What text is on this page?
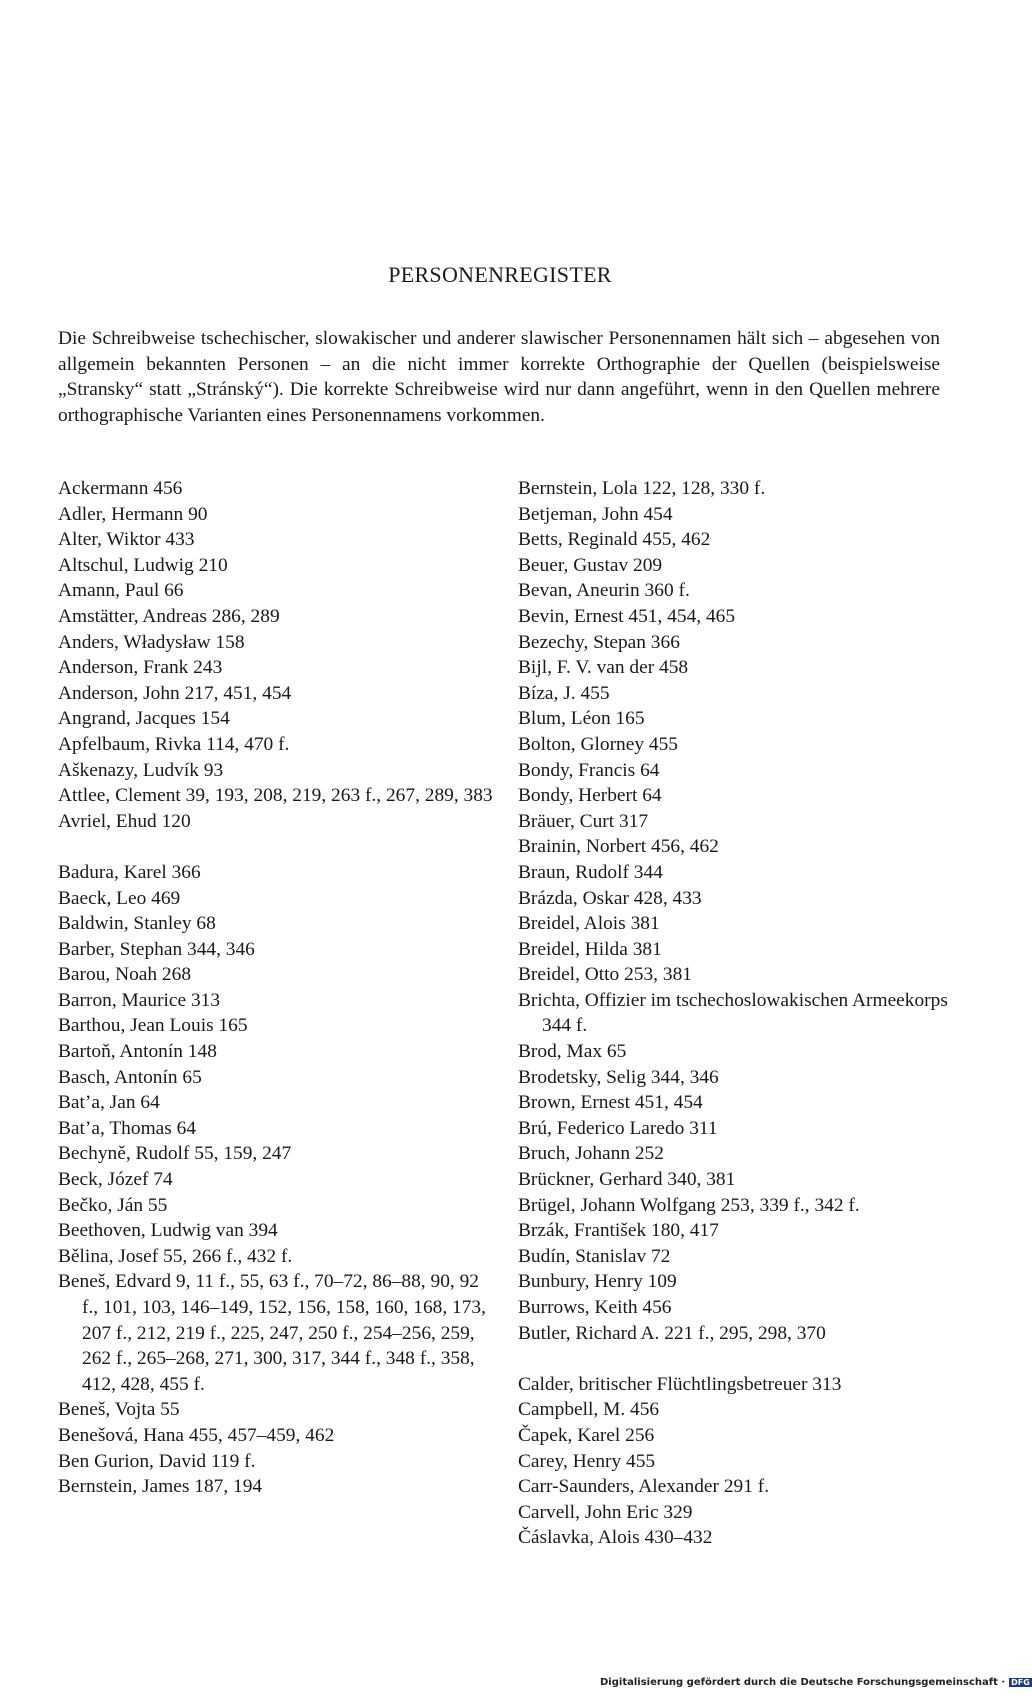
PERSONENREGISTER

Die Schreibweise tschechischer, slowakischer und anderer slawischer Personennamen hält sich – abgesehen von allgemein bekannten Personen – an die nicht immer korrekte Orthographie der Quellen (beispielsweise „Stransky“ statt „Stránský“). Die korrekte Schreibweise wird nur dann angeführt, wenn in den Quellen mehrere orthographische Varianten eines Personennamens vorkommen.

Ackermann 456
Adler, Hermann 90
Alter, Wiktor 433
Altschul, Ludwig 210
Amann, Paul 66
Amstätter, Andreas 286, 289
Anders, Władysław 158
Anderson, Frank 243
Anderson, John 217, 451, 454
Angrand, Jacques 154
Apfelbaum, Rivka 114, 470 f.
Aškenazy, Ludvík 93
Attlee, Clement 39, 193, 208, 219, 263 f., 267, 289, 383
Avriel, Ehud 120
Badura, Karel 366
Baeck, Leo 469
Baldwin, Stanley 68
Barber, Stephan 344, 346
Barou, Noah 268
Barron, Maurice 313
Barthou, Jean Louis 165
Bartoň, Antonín 148
Basch, Antonín 65
Bat’a, Jan 64
Bat’a, Thomas 64
Bechyně, Rudolf 55, 159, 247
Beck, Józef 74
Bečko, Ján 55
Beethoven, Ludwig van 394
Bělina, Josef 55, 266 f., 432 f.
Beneš, Edvard 9, 11 f., 55, 63 f., 70–72, 86–88, 90, 92 f., 101, 103, 146–149, 152, 156, 158, 160, 168, 173, 207 f., 212, 219 f., 225, 247, 250 f., 254–256, 259, 262 f., 265–268, 271, 300, 317, 344 f., 348 f., 358, 412, 428, 455 f.
Beneš, Vojta 55
Benešová, Hana 455, 457–459, 462
Ben Gurion, David 119 f.
Bernstein, James 187, 194
Bernstein, Lola 122, 128, 330 f.
Betjeman, John 454
Betts, Reginald 455, 462
Beuer, Gustav 209
Bevan, Aneurin 360 f.
Bevin, Ernest 451, 454, 465
Bezechy, Stepan 366
Bijl, F. V. van der 458
Bíza, J. 455
Blum, Léon 165
Bolton, Glorney 455
Bondy, Francis 64
Bondy, Herbert 64
Bräuer, Curt 317
Brainin, Norbert 456, 462
Braun, Rudolf 344
Brázda, Oskar 428, 433
Breidel, Alois 381
Breidel, Hilda 381
Breidel, Otto 253, 381
Brichta, Offizier im tschechoslowakischen Armeekorps 344 f.
Brod, Max 65
Brodetsky, Selig 344, 346
Brown, Ernest 451, 454
Brú, Federico Laredo 311
Bruch, Johann 252
Brückner, Gerhard 340, 381
Brügel, Johann Wolfgang 253, 339 f., 342 f.
Brzák, František 180, 417
Budín, Stanislav 72
Bunbury, Henry 109
Burrows, Keith 456
Butler, Richard A. 221 f., 295, 298, 370
Calder, britischer Flüchtlingsbetreuer 313
Campbell, M. 456
Čapek, Karel 256
Carey, Henry 455
Carr-Saunders, Alexander 291 f.
Carvell, John Eric 329
Čáslavka, Alois 430–432
Digitalisierung gefördert durch die Deutsche Forschungsgemeinschaft · DFG
